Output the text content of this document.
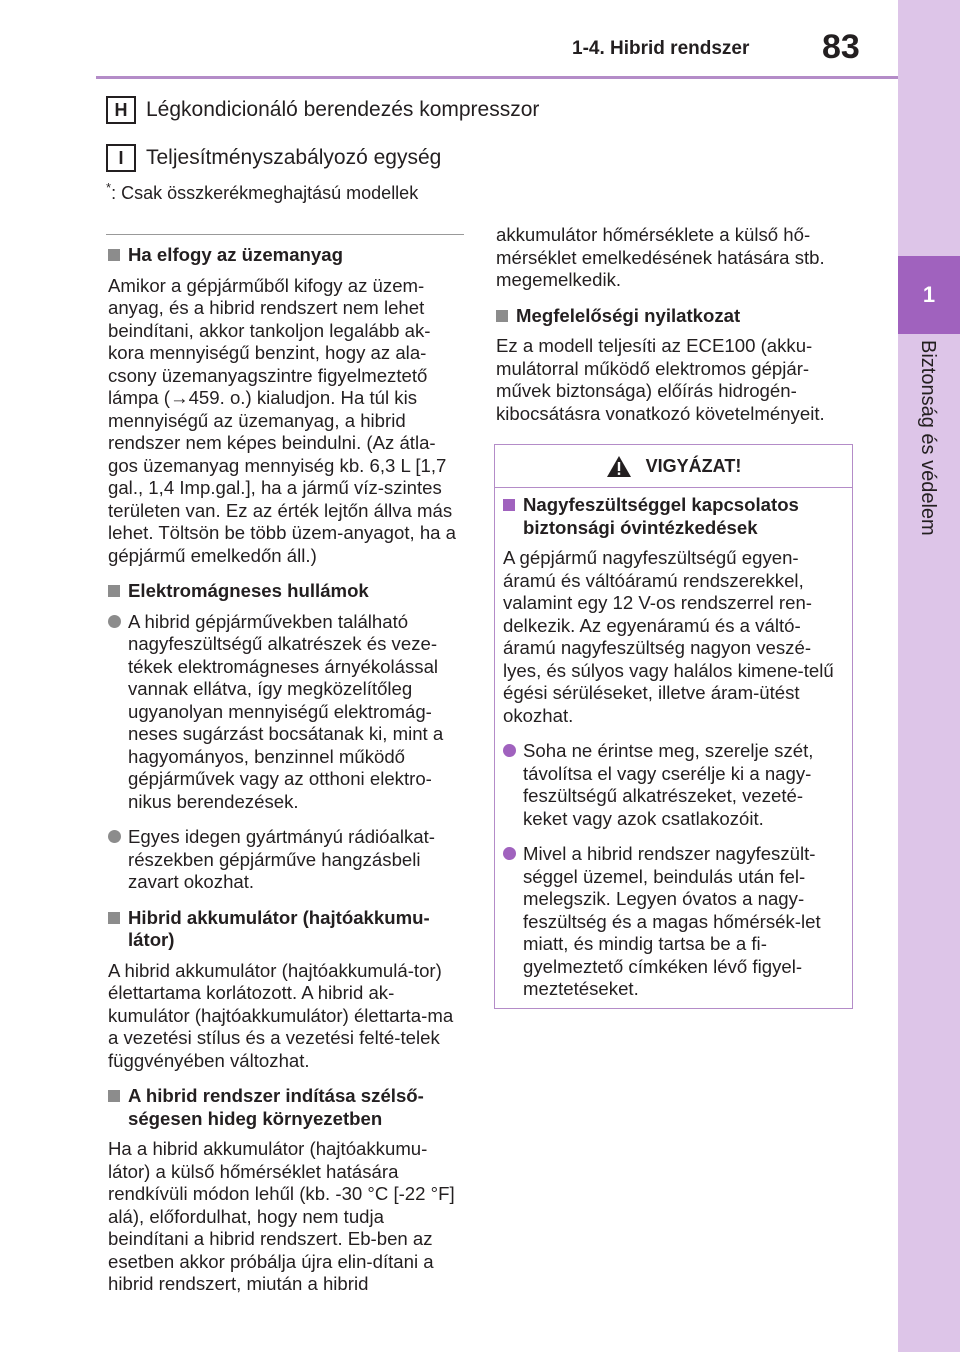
1-4. Hibrid rendszer 83
1
Biztonság és védelem
H Légkondicionáló berendezés kompresszor
I	Teljesítményszabályozó egység
*: Csak összkerékmeghajtású modellek
Ha elfogy az üzemanyag

Amikor a gépjárműből kifogy az üzem-anyag, és a hibrid rendszert nem lehet beindítani, akkor tankoljon legalább ak-kora mennyiségű benzint, hogy az ala-csony üzemanyagszintre figyelmeztető lámpa (→459. o.) kialudjon. Ha túl kis mennyiségű az üzemanyag, a hibrid rendszer nem képes beindulni. (Az átla-gos üzemanyag mennyiség kb. 6,3 L [1,7 gal., 1,4 Imp.gal.], ha a jármű víz-szintes területen van. Ez az érték lejtőn állva más lehet. Töltsön be több üzem-anyagot, ha a gépjármű emelkedőn áll.)

Elektromágneses hullámok
A hibrid gépjárművekben található nagyfeszültségű alkatrészek és veze-tékek elektromágneses árnyékolással vannak ellátva, így megközelítőleg ugyanolyan mennyiségű elektromág-neses sugárzást bocsátanak ki, mint a hagyományos, benzinnel működő gépjárművek vagy az otthoni elektro-nikus berendezések.
Egyes idegen gyártmányú rádióalkat-részekben gépjárműve hangzásbeli zavart okozhat.
Hibrid akkumulátor (hajtóakkumu-látor)

A hibrid akkumulátor (hajtóakkumulá-tor) élettartama korlátozott. A hibrid ak-kumulátor (hajtóakkumulátor) élettarta-ma a vezetési stílus és a vezetési felté-telek függvényében változhat.

A hibrid rendszer indítása szélső-ségesen hideg környezetben

Ha a hibrid akkumulátor (hajtóakkumu-látor) a külső hőmérséklet hatására rendkívüli módon lehűl (kb. -30 °C [-22 °F] alá), előfordulhat, hogy nem tudja beindítani a hibrid rendszert. Eb-ben az esetben akkor próbálja újra elin-dítani a hibrid rendszert, miután a hibrid

akkumulátor hőmérséklete a külső hő-mérséklet emelkedésének hatására stb. megemelkedik.

Megfelelőségi nyilatkozat

Ez a modell teljesíti az ECE100 (akku-mulátorral működő elektromos gépjár-művek biztonsága) előírás hidrogén-kibocsátásra vonatkozó követelményeit.

VIGYÁZAT!
Nagyfeszültséggel kapcsolatos biztonsági óvintézkedések

A gépjármű nagyfeszültségű egyen-áramú és váltóáramú rendszerekkel, valamint egy 12 V-os rendszerrel ren-delkezik. Az egyenáramú és a váltó-áramú nagyfeszültség nagyon veszé-lyes, és súlyos vagy halálos kimene-telű égési sérüléseket, illetve áram-ütést okozhat.

Soha ne érintse meg, szerelje szét, távolítsa el vagy cserélje ki a nagy-feszültségű alkatrészeket, vezeté-keket vagy azok csatlakozóit.
Mivel a hibrid rendszer nagyfeszült-séggel üzemel, beindulás után fel-melegszik. Legyen óvatos a nagy-feszültség és a magas hőmérsék-let miatt, és mindig tartsa be a fi-gyelmeztető címkéken lévő figyel-meztetéseket.
